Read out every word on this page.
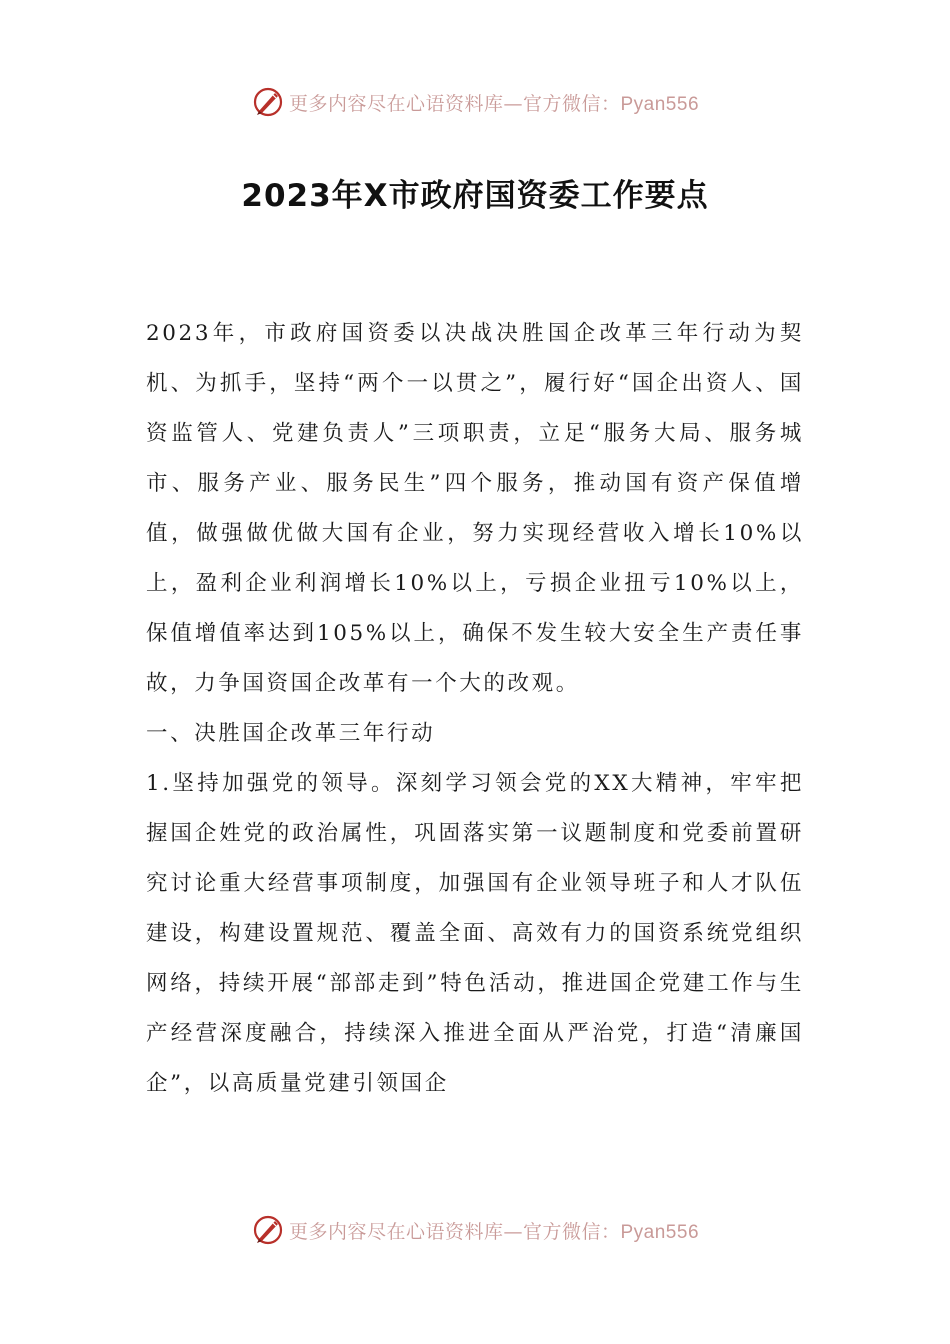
更多内容尽在心语资料库—官方微信：Pyan556
2023年X市政府国资委工作要点

2023年，市政府国资委以决战决胜国企改革三年行动为契机、为抓手，坚持“两个一以贯之”，履行好“国企出资人、国资监管人、党建负责人”三项职责，立足“服务大局、服务城市、服务产业、服务民生”四个服务，推动国有资产保值增值，做强做优做大国有企业，努力实现经营收入增长10%以上，盈利企业利润增长10%以上，亏损企业扭亏10%以上，保值增值率达到105%以上，确保不发生较大安全生产责任事故，力争国资国企改革有一个大的改观。

一、决胜国企改革三年行动

1.坚持加强党的领导。深刻学习领会党的XX大精神，牢牢把握国企姓党的政治属性，巩固落实第一议题制度和党委前置研究讨论重大经营事项制度，加强国有企业领导班子和人才队伍建设，构建设置规范、覆盖全面、高效有力的国资系统党组织网络，持续开展“部部走到”特色活动，推进国企党建工作与生产经营深度融合，持续深入推进全面从严治党，打造“清廉国企”，以高质量党建引领国企

更多内容尽在心语资料库—官方微信：Pyan556
